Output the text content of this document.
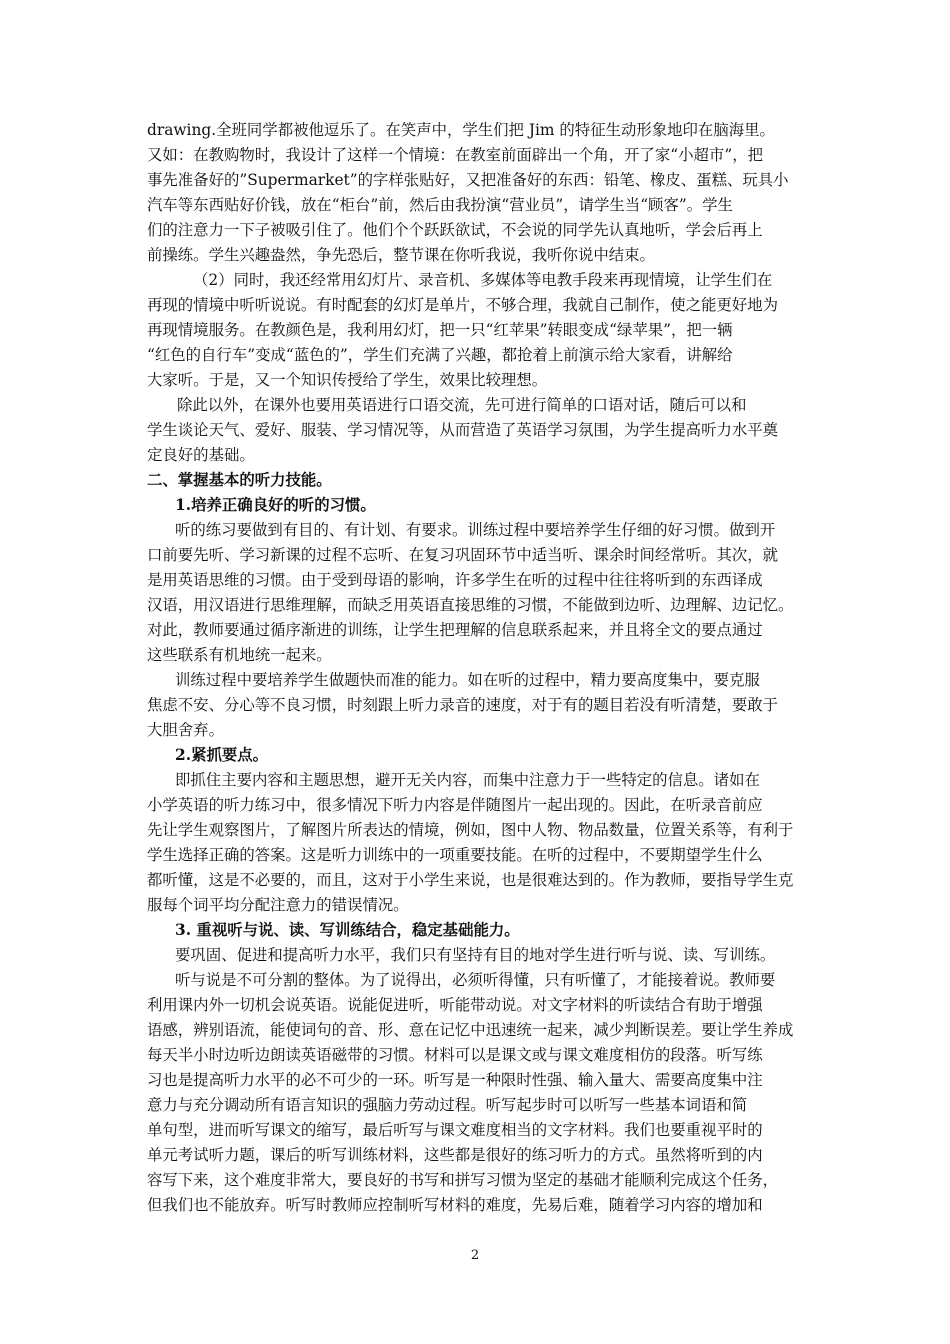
drawing.全班同学都被他逗乐了。在笑声中，学生们把 Jim 的特征生动形象地印在脑海里。
又如：在教购物时，我设计了这样一个情境：在教室前面辟出一个角，开了家“小超市”，把
事先准备好的”Supermarket”的字样张贴好，又把准备好的东西：铅笔、橡皮、蛋糕、玩具小
汽车等东西贴好价钱，放在“柜台”前，然后由我扮演“营业员”，请学生当“顾客”。学生
们的注意力一下子被吸引住了。他们个个跃跃欲试，不会说的同学先认真地听，学会后再上
前操练。学生兴趣盎然，争先恐后，整节课在你听我说，我听你说中结束。
（2）同时，我还经常用幻灯片、录音机、多媒体等电教手段来再现情境，让学生们在
再现的情境中听听说说。有时配套的幻灯是单片，不够合理，我就自己制作，使之能更好地为
再现情境服务。在教颜色是，我利用幻灯，把一只“红苹果”转眼变成“绿苹果”，把一辆
“红色的自行车”变成“蓝色的”，学生们充满了兴趣，都抢着上前演示给大家看，讲解给
大家听。于是，又一个知识传授给了学生，效果比较理想。
除此以外，在课外也要用英语进行口语交流，先可进行简单的口语对话，随后可以和
学生谈论天气、爱好、服装、学习情况等，从而营造了英语学习氛围，为学生提高听力水平奠
定良好的基础。
二、掌握基本的听力技能。
1.培养正确良好的听的习惯。
听的练习要做到有目的、有计划、有要求。训练过程中要培养学生仔细的好习惯。做到开
口前要先听、学习新课的过程不忘听、在复习巩固环节中适当听、课余时间经常听。其次，就
是用英语思维的习惯。由于受到母语的影响，许多学生在听的过程中往往将听到的东西译成
汉语，用汉语进行思维理解，而缺乏用英语直接思维的习惯，不能做到边听、边理解、边记忆。
对此，教师要通过循序渐进的训练，让学生把理解的信息联系起来，并且将全文的要点通过
这些联系有机地统一起来。
训练过程中要培养学生做题快而准的能力。如在听的过程中，精力要高度集中，要克服
焦虑不安、分心等不良习惯，时刻跟上听力录音的速度，对于有的题目若没有听清楚，要敢于
大胆舍弃。
2.紧抓要点。
即抓住主要内容和主题思想，避开无关内容，而集中注意力于一些特定的信息。诸如在
小学英语的听力练习中，很多情况下听力内容是伴随图片一起出现的。因此，在听录音前应
先让学生观察图片，了解图片所表达的情境，例如，图中人物、物品数量，位置关系等，有利于
学生选择正确的答案。这是听力训练中的一项重要技能。在听的过程中，不要期望学生什么
都听懂，这是不必要的，而且，这对于小学生来说，也是很难达到的。作为教师，要指导学生克
服每个词平均分配注意力的错误情况。
3. 重视听与说、读、写训练结合，稳定基础能力。
要巩固、促进和提高听力水平，我们只有坚持有目的地对学生进行听与说、读、写训练。
听与说是不可分割的整体。为了说得出，必须听得懂，只有听懂了，才能接着说。教师要
利用课内外一切机会说英语。说能促进听，听能带动说。对文字材料的听读结合有助于增强
语感，辨别语流，能使词句的音、形、意在记忆中迅速统一起来，减少判断误差。要让学生养成
每天半小时边听边朗读英语磁带的习惯。材料可以是课文或与课文难度相仿的段落。听写练
习也是提高听力水平的必不可少的一环。听写是一种限时性强、输入量大、需要高度集中注
意力与充分调动所有语言知识的强脑力劳动过程。听写起步时可以听写一些基本词语和简
单句型，进而听写课文的缩写，最后听写与课文难度相当的文字材料。我们也要重视平时的
单元考试听力题，课后的听写训练材料，这些都是很好的练习听力的方式。虽然将听到的内
容写下来，这个难度非常大，要良好的书写和拼写习惯为坚定的基础才能顺利完成这个任务，
但我们也不能放弃。听写时教师应控制听写材料的难度，先易后难，随着学习内容的增加和
2
